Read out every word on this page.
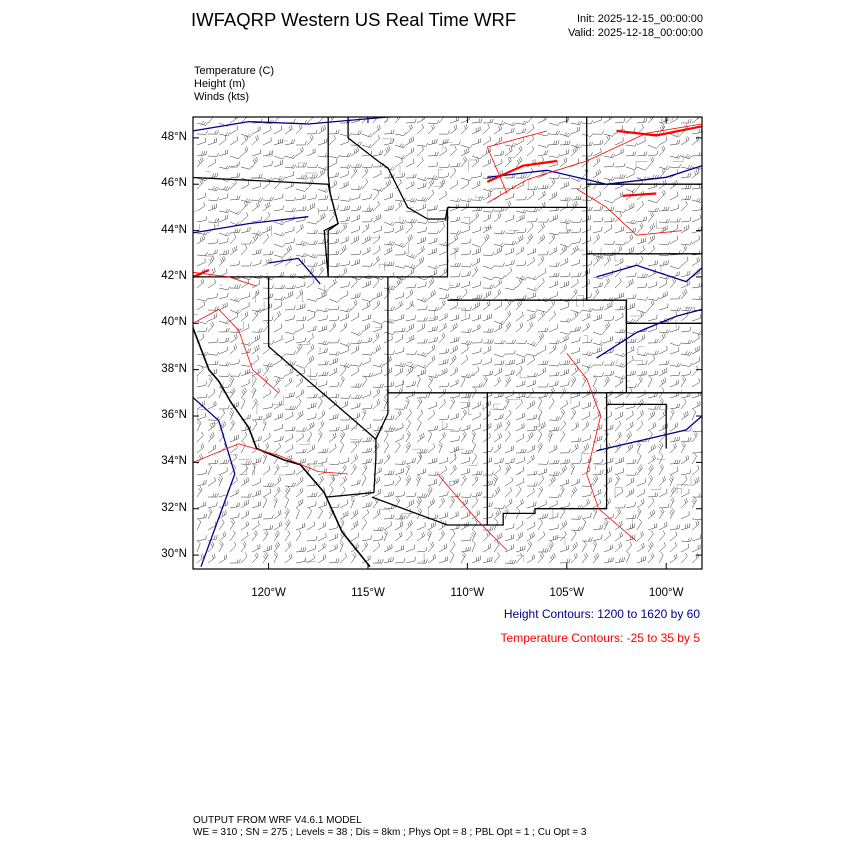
IWFAQRP Western US Real Time WRF	Init: 2025-12-15_00:00:00
Valid: 2025-12-18_00:00:00
Temperature (C)
Height (m)
Winds (kts)
48°N
46°N
44°N
42°N
40°N
38°N
36°N
34°N
32°N
30°N
120°W	115°W	110°W	105°W	100°W
Height Contours: 1200 to 1620 by 60
Temperature Contours: -25 to 35 by 5
OUTPUT FROM WRF V4.6.1 MODEL
WE = 310 ; SN = 275 ; Levels = 38 ; Dis = 8km ; Phys Opt = 8 ; PBL Opt = 1 ; Cu Opt = 3
